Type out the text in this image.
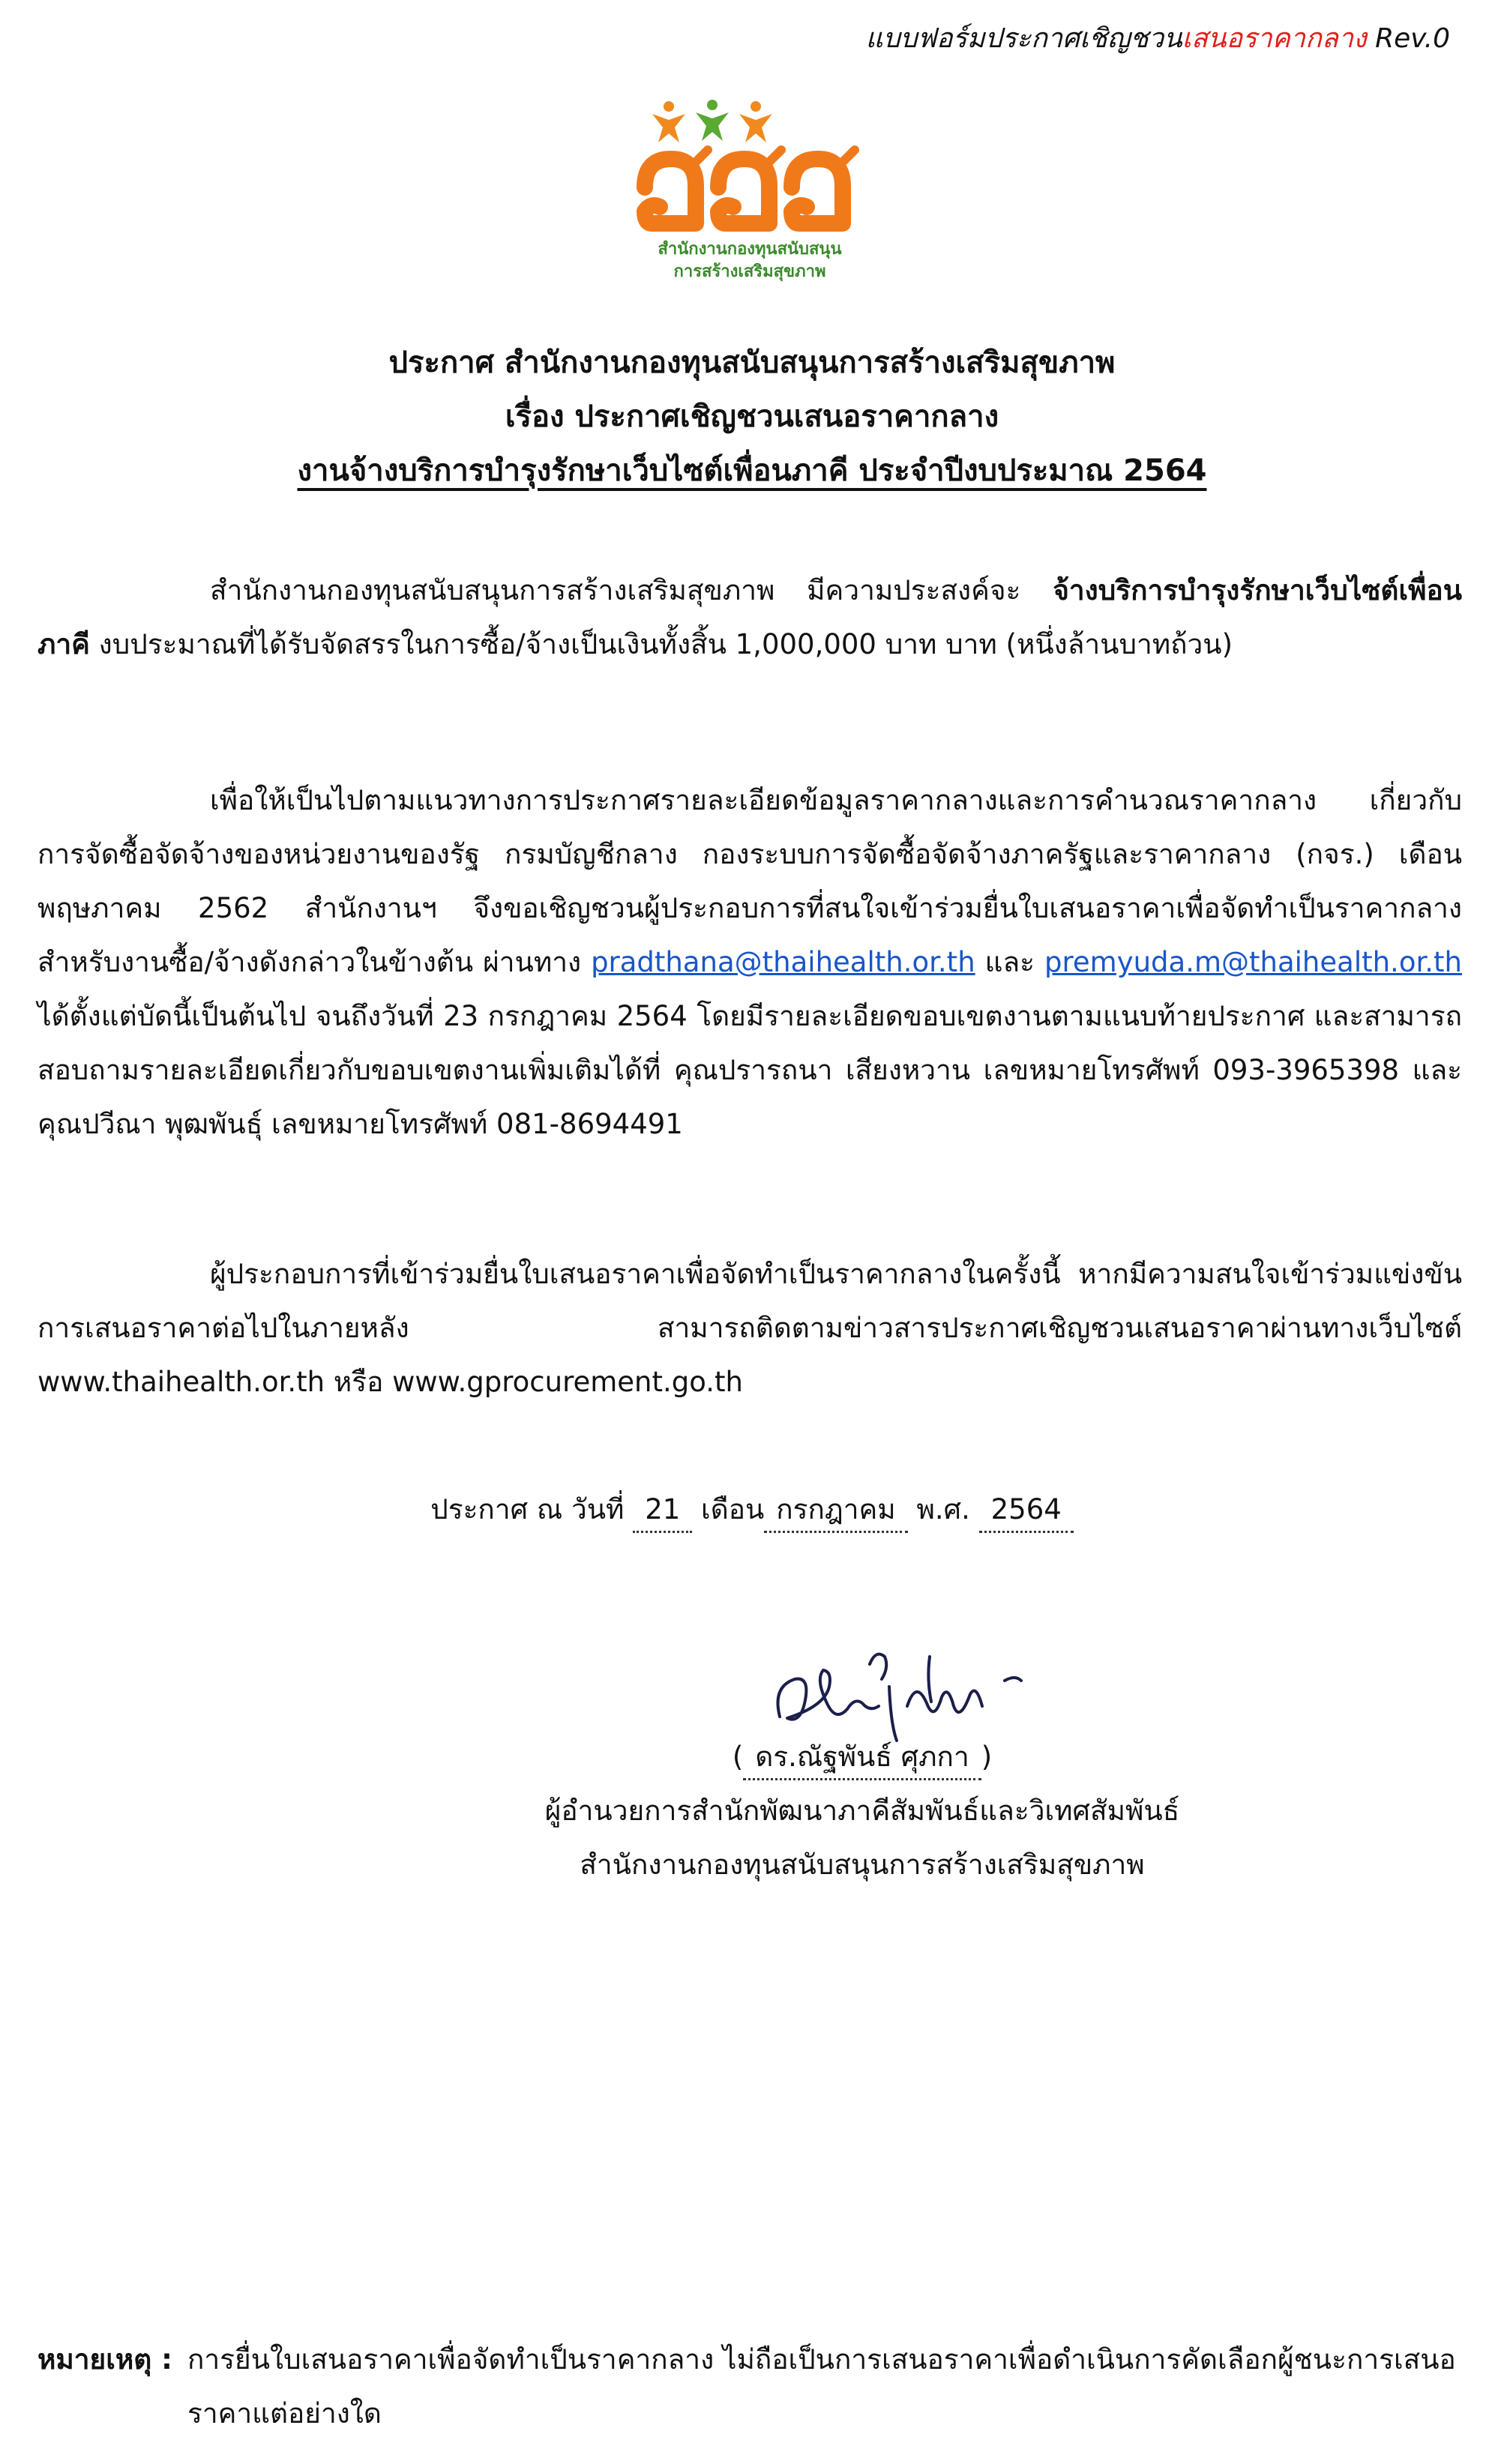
แบบฟอร์มประกาศเชิญชวนเสนอราคากลาง Rev.0
สำนักงานกองทุนสนับสนุน
การสร้างเสริมสุขภาพ
ประกาศ สำนักงานกองทุนสนับสนุนการสร้างเสริมสุขภาพ
เรื่อง ประกาศเชิญชวนเสนอราคากลาง
งานจ้างบริการบำรุงรักษาเว็บไซต์เพื่อนภาคี ประจำปีงบประมาณ 2564
สำนักงานกองทุนสนับสนุนการสร้างเสริมสุขภาพ มีความประสงค์จะ จ้างบริการบำรุงรักษาเว็บไซต์เพื่อนภาคี งบประมาณที่ได้รับจัดสรรในการซื้อ/จ้างเป็นเงินทั้งสิ้น 1,000,000 บาท บาท (หนึ่งล้านบาทถ้วน)
เพื่อให้เป็นไปตามแนวทางการประกาศรายละเอียดข้อมูลราคากลางและการคำนวณราคากลาง เกี่ยวกับการจัดซื้อจัดจ้างของหน่วยงานของรัฐ กรมบัญชีกลาง กองระบบการจัดซื้อจัดจ้างภาครัฐและราคากลาง (กจร.) เดือนพฤษภาคม 2562 สำนักงานฯ จึงขอเชิญชวนผู้ประกอบการที่สนใจเข้าร่วมยื่นใบเสนอราคาเพื่อจัดทำเป็นราคากลางสำหรับงานซื้อ/จ้างดังกล่าวในข้างต้น ผ่านทาง pradthana@thaihealth.or.th และ premyuda.m@thaihealth.or.th ได้ตั้งแต่บัดนี้เป็นต้นไป จนถึงวันที่ 23 กรกฎาคม 2564 โดยมีรายละเอียดขอบเขตงานตามแนบท้ายประกาศ และสามารถสอบถามรายละเอียดเกี่ยวกับขอบเขตงานเพิ่มเติมได้ที่ คุณปรารถนา เสียงหวาน เลขหมายโทรศัพท์ 093-3965398 และคุณปวีณา พุฒพันธุ์ เลขหมายโทรศัพท์ 081-8694491
ผู้ประกอบการที่เข้าร่วมยื่นใบเสนอราคาเพื่อจัดทำเป็นราคากลางในครั้งนี้ หากมีความสนใจเข้าร่วมแข่งขันการเสนอราคาต่อไปในภายหลัง สามารถติดตามข่าวสารประกาศเชิญชวนเสนอราคาผ่านทางเว็บไซต์ www.thaihealth.or.th หรือ www.gprocurement.go.th
ประกาศ ณ วันที่ 21 เดือน กรกฎาคม พ.ศ. 2564
( ดร.ณัฐพันธ์ ศุภกา )
ผู้อำนวยการสำนักพัฒนาภาคีสัมพันธ์และวิเทศสัมพันธ์
สำนักงานกองทุนสนับสนุนการสร้างเสริมสุขภาพ
หมายเหตุ : การยื่นใบเสนอราคาเพื่อจัดทำเป็นราคากลาง ไม่ถือเป็นการเสนอราคาเพื่อดำเนินการคัดเลือกผู้ชนะการเสนอราคาแต่อย่างใด
